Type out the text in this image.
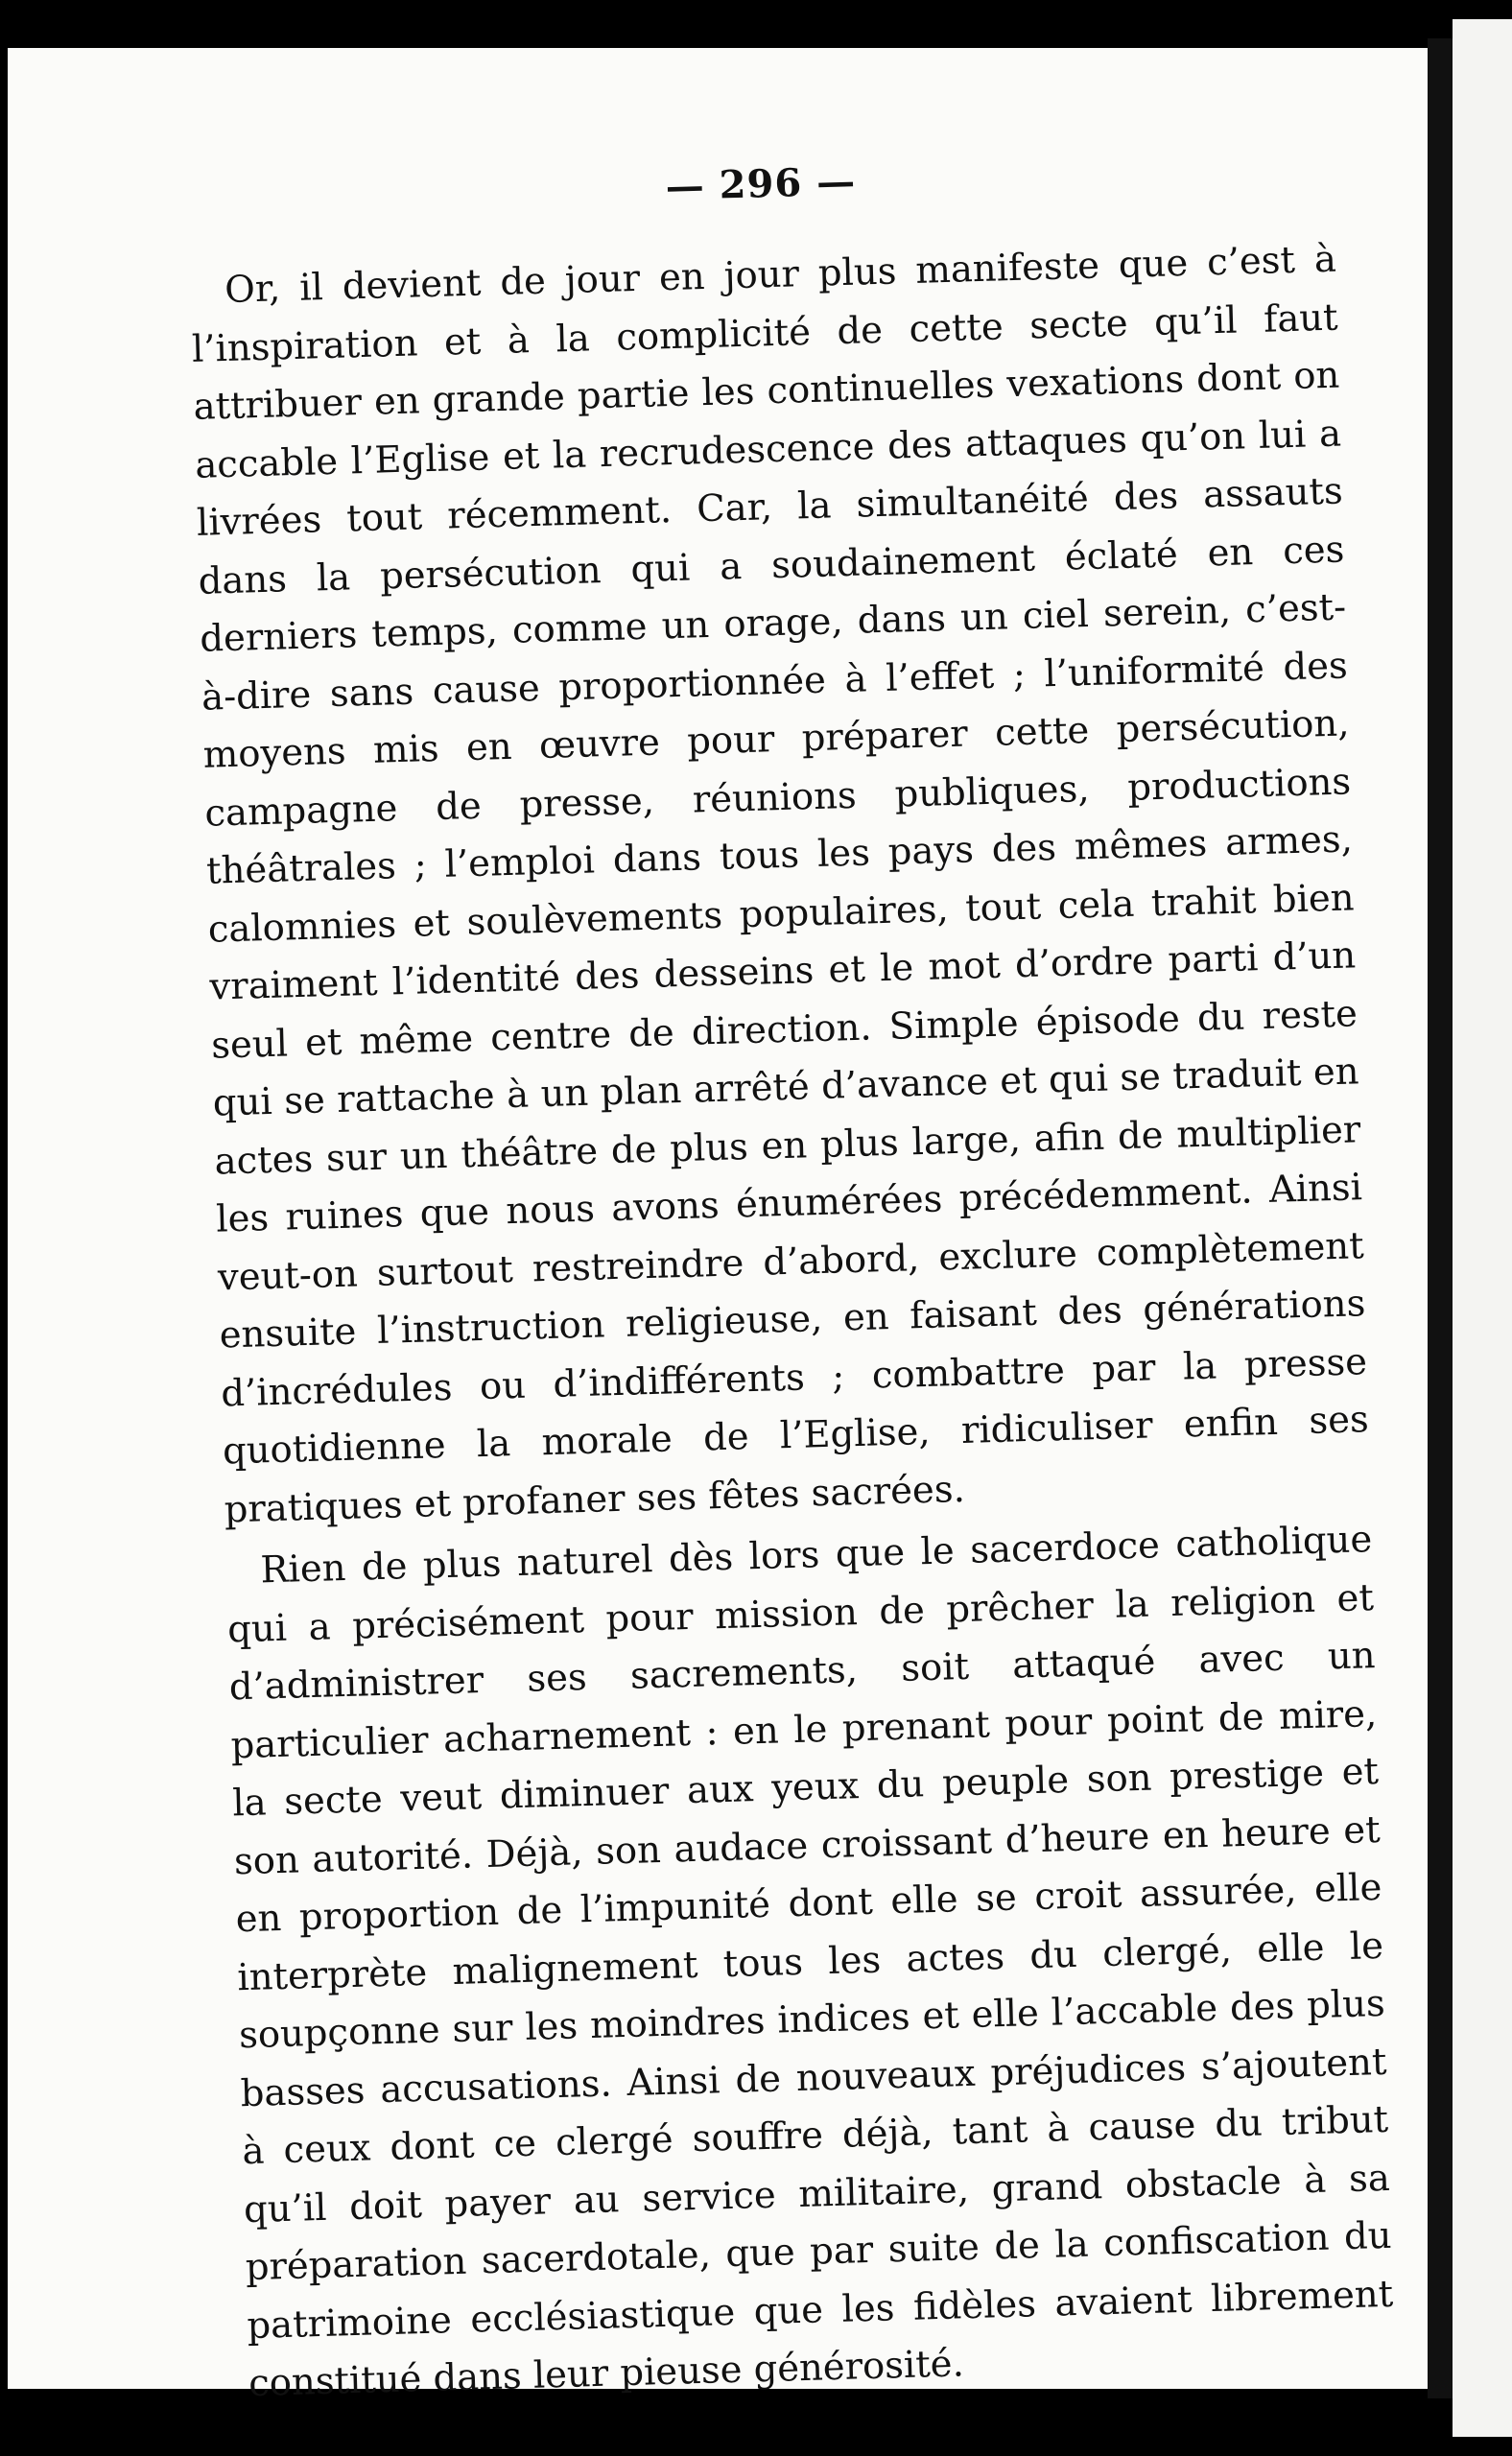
— 296 —

Or, il devient de jour en jour plus manifeste que c’est à l’inspiration et à la complicité de cette secte qu’il faut attribuer en grande partie les continuelles vexations dont on accable l’Eglise et la recrudescence des attaques qu’on lui a livrées tout récemment. Car, la simultanéité des assauts dans la persécution qui a soudainement éclaté en ces derniers temps, comme un orage, dans un ciel serein, c’est-à-dire sans cause proportionnée à l’effet ; l’uniformité des moyens mis en œuvre pour préparer cette persécution, campagne de presse, réunions publiques, productions théâtrales ; l’emploi dans tous les pays des mêmes armes, calomnies et soulèvements populaires, tout cela trahit bien vraiment l’identité des desseins et le mot d’ordre parti d’un seul et même centre de direction. Simple épisode du reste qui se rattache à un plan arrêté d’avance et qui se traduit en actes sur un théâtre de plus en plus large, afin de multiplier les ruines que nous avons énumérées précédemment. Ainsi veut-on surtout restreindre d’abord, exclure complètement ensuite l’instruction religieuse, en faisant des générations d’incrédules ou d’indifférents ; combattre par la presse quotidienne la morale de l’Eglise, ridiculiser enfin ses pratiques et profaner ses fêtes sacrées.

Rien de plus naturel dès lors que le sacerdoce catholique qui a précisément pour mission de prêcher la religion et d’administrer ses sacrements, soit attaqué avec un particulier acharnement : en le prenant pour point de mire, la secte veut diminuer aux yeux du peuple son prestige et son autorité. Déjà, son audace croissant d’heure en heure et en proportion de l’impunité dont elle se croit assurée, elle interprète malignement tous les actes du clergé, elle le soupçonne sur les moindres indices et elle l’accable des plus basses accusations. Ainsi de nouveaux préjudices s’ajoutent à ceux dont ce clergé souffre déjà, tant à cause du tribut qu’il doit payer au service militaire, grand obstacle à sa préparation sacerdotale, que par suite de la confiscation du patrimoine ecclésiastique que les fidèles avaient librement constitué dans leur pieuse générosité.
